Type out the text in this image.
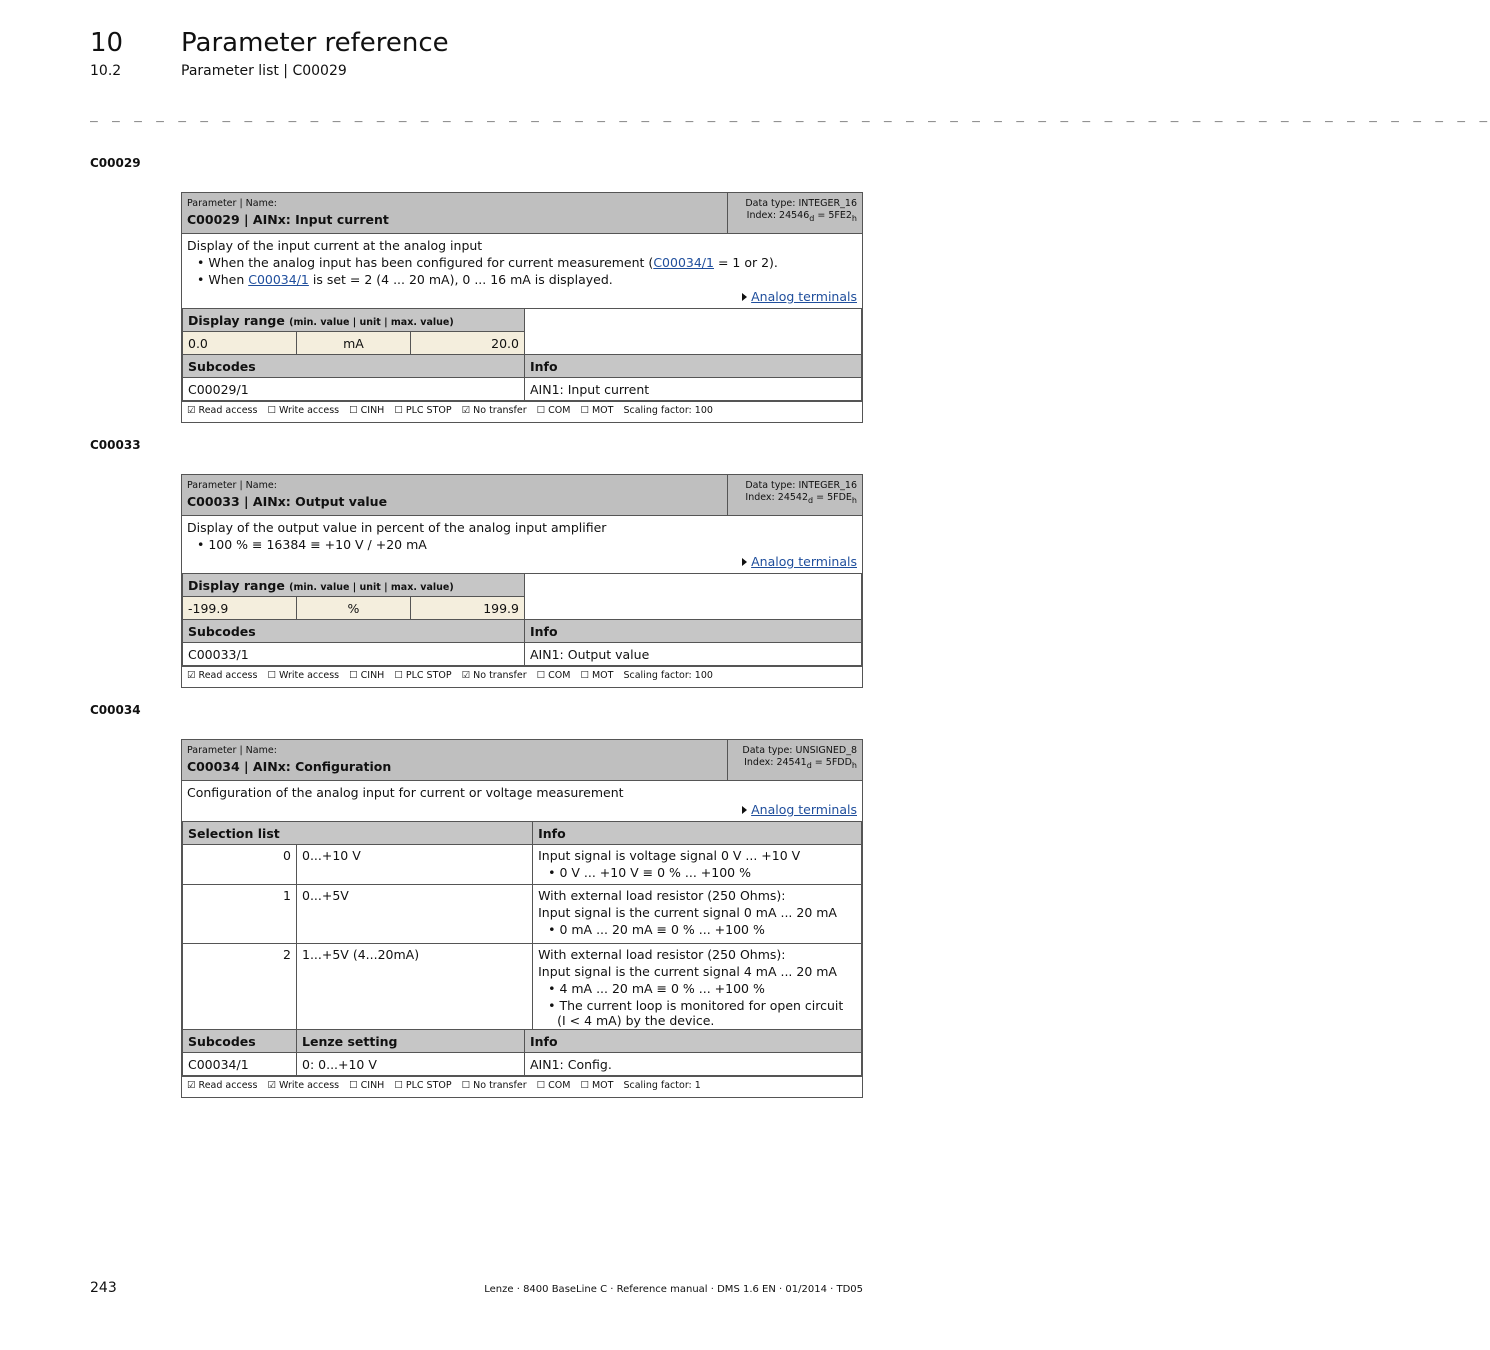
10 Parameter reference
10.2	Parameter list | C00029
_ _ _ _ _ _ _ _ _ _ _ _ _ _ _ _ _ _ _ _ _ _ _ _ _ _ _ _ _ _ _ _ _ _ _ _ _ _ _ _ _ _ _ _ _ _ _ _ _ _ _ _ _ _ _ _ _ _ _ _ _ _ _ _
C00029
Parameter | Name:
C00029 | AINx: Input current
Data type: INTEGER_16
Index: $24546_d = 5FE2_h$
Display of the input current at the analog input
• When the analog input has been configured for current measurement (C00034/1 = 1 or 2).
• When C00034/1 is set = 2 (4 ... 20 mA), 0 ... 16 mA is displayed.
Analog terminals
Display range (min. value | unit | max. value)			
0.0	mA	20.0	
Subcodes			Info
C00029/1			AIN1: Input current
☑ Read access ☐ Write access ☐ CINH ☐ PLC STOP ☑ No transfer ☐ COM ☐ MOT Scaling factor: 100
C00033
Parameter | Name:
C00033 | AINx: Output value
Data type: INTEGER_16
Index: $24542_d = 5FDE_h$
Display of the output value in percent of the analog input amplifier
• 100 % ≡ 16384 ≡ +10 V / +20 mA
Analog terminals
Display range (min. value | unit | max. value)			
-199.9	%	199.9	
Subcodes			Info
C00033/1			AIN1: Output value
☑ Read access ☐ Write access ☐ CINH ☐ PLC STOP ☑ No transfer ☐ COM ☐ MOT Scaling factor: 100
C00034
Parameter | Name:
C00034 | AINx: Configuration
Data type: UNSIGNED_8
Index: $24541_d = 5FDD_h$
Configuration of the analog input for current or voltage measurement
Analog terminals
Selection list		Info
0	0...+10 V	Input signal is voltage signal 0 V ... +10 V
• 0 V ... +10 V ≡ 0 % ... +100 %

1	0...+5V	With external load resistor (250 Ohms):
Input signal is the current signal 0 mA ... 20 mA
• 0 mA ... 20 mA ≡ 0 % ... +100 %

2	1...+5V (4...20mA)	With external load resistor (250 Ohms):
Input signal is the current signal 4 mA ... 20 mA
• 4 mA ... 20 mA ≡ 0 % ... +100 %
• The current loop is monitored for open circuit
(I < 4 mA) by the device.
Subcodes	Lenze setting	Info
C00034/1	0: 0...+10 V	AIN1: Config.
☑ Read access ☑ Write access ☐ CINH ☐ PLC STOP ☐ No transfer ☐ COM ☐ MOT Scaling factor: 1
243	Lenze · 8400 BaseLine C · Reference manual · DMS 1.6 EN · 01/2014 · TD05
